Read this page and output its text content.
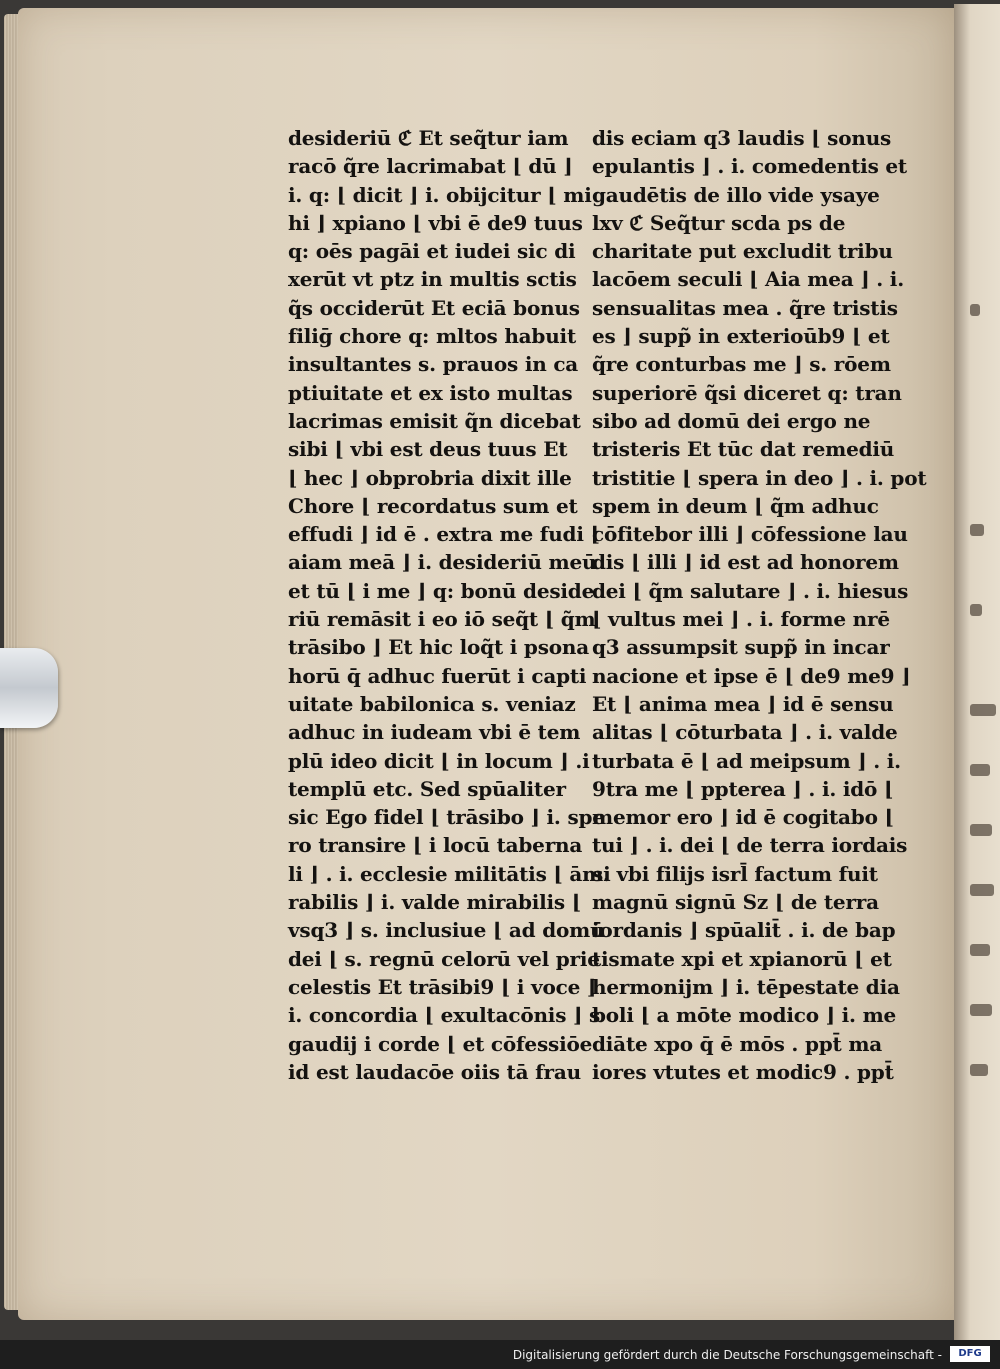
desideriū ℭ Et seq̃tur iam
racō q̃re lacrimabat ⌊ dū ⌋
i. q: ⌊ dicit ⌋ i. obijcitur ⌊ mi
hi ⌋ xpiano ⌊ vbi ē de9 tuus
q: oēs pagāi et iudei sic di
xerūt vt ptz in multis sctis
q̃s occiderūt Et eciā bonus
filiḡ chore q: mltos habuit
insultantes s. prauos in ca
ptiuitate et ex isto multas
lacrimas emisit q̃n dicebat
sibi ⌊ vbi est deus tuus Et
⌊ hec ⌋ obprobria dixit ille
Chore ⌊ recordatus sum et
effudi ⌋ id ē . extra me fudi ⌊
aiam meā ⌋ i. desideriū meū
et tū ⌊ i me ⌋ q: bonū deside
riū remāsit i eo iō seq̃t ⌊ q̃m
trāsibo ⌋ Et hic loq̃t i psona
horū q̄ adhuc fuerūt i capti
uitate babilonica s. veniaz
adhuc in iudeam vbi ē tem
plū ideo dicit ⌊ in locum ⌋ .i
templū etc. Sed spūaliter
sic Ego fidel ⌊ trāsibo ⌋ i. spe
ro transire ⌊ i locū taberna
li ⌋ . i. ecclesie militātis ⌊ āmi
rabilis ⌋ i. valde mirabilis ⌊
vsq3 ⌋ s. inclusiue ⌊ ad domū
dei ⌊ s. regnū celorū vel prie
celestis Et trāsibi9 ⌊ i voce ⌋
i. concordia ⌊ exultacōnis ⌋ s
gaudij i corde ⌊ et cōfessiōe
id est laudacōe oiis tā frau
dis eciam q3 laudis ⌊ sonus
epulantis ⌋ . i. comedentis et
gaudētis de illo vide ysaye
lxv ℭ Seq̃tur scda ps de
charitate put excludit tribu
lacōem seculi ⌊ Aia mea ⌋ . i.
sensualitas mea . q̃re tristis
es ⌋ supp̃ in exterioūb9 ⌊ et
q̃re conturbas me ⌋ s. rōem
superiorē q̃si diceret q: tran
sibo ad domū dei ergo ne
tristeris Et tūc dat remediū
tristitie ⌊ spera in deo ⌋ . i. pot
spem in deum ⌊ q̃m adhuc
cōfitebor illi ⌋ cōfessione lau
dis ⌊ illi ⌋ id est ad honorem
dei ⌊ q̃m salutare ⌋ . i. hiesus
⌊ vultus mei ⌋ . i. forme nrē
q3 assumpsit supp̃ in incar
nacione et ipse ē ⌊ de9 me9 ⌋
Et ⌊ anima mea ⌋ id ē sensu
alitas ⌊ cōturbata ⌋ . i. valde
turbata ē ⌊ ad meipsum ⌋ . i.
9tra me ⌊ ppterea ⌋ . i. idō ⌊
memor ero ⌋ id ē cogitabo ⌊
tui ⌋ . i. dei ⌊ de terra iordais
s. vbi filijs isrl̄ factum fuit
magnū signū Sz ⌊ de terra
iordanis ⌋ spūalit̄ . i. de bap
tismate xpi et xpianorū ⌊ et
hermonijm ⌋ i. tēpestate dia
boli ⌊ a mōte modico ⌋ i. me
diāte xpo q̄ ē mōs . ppt̄ ma
iores vtutes et modic9 . ppt̄
Digitalisierung gefördert durch die Deutsche Forschungsgemeinschaft -	DFG
